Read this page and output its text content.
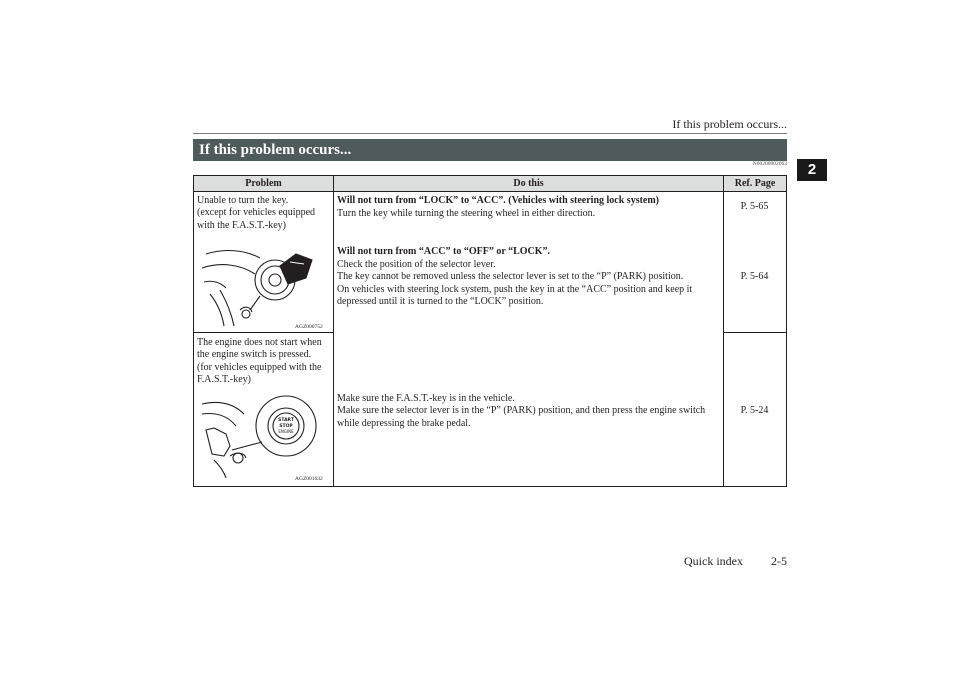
If this problem occurs...
2
If this problem occurs...
N00200902063
Problem	Do this	Ref. Page
Unable to turn the key.
(except for vehicles equipped
with the F.A.S.T.-key)
AGZ000752
Will not turn from “LOCK” to “ACC”. (Vehicles with steering lock system)
Turn the key while turning the steering wheel in either direction.
P. 5-65
Will not turn from “ACC” to “OFF” or “LOCK”.
Check the position of the selector lever.
The key cannot be removed unless the selector lever is set to the “P” (PARK) position.
On vehicles with steering lock system, push the key in at the “ACC” position and keep it
depressed until it is turned to the “LOCK” position.
P. 5-64
The engine does not start when
the engine switch is pressed.
(for vehicles equipped with the
F.A.S.T.-key)
START
STOP
ENGINE
AGZ001632
Make sure the F.A.S.T.-key is in the vehicle.
Make sure the selector lever is in the “P” (PARK) position, and then press the engine switch
while depressing the brake pedal.
P. 5-24
Quick index 2-5
